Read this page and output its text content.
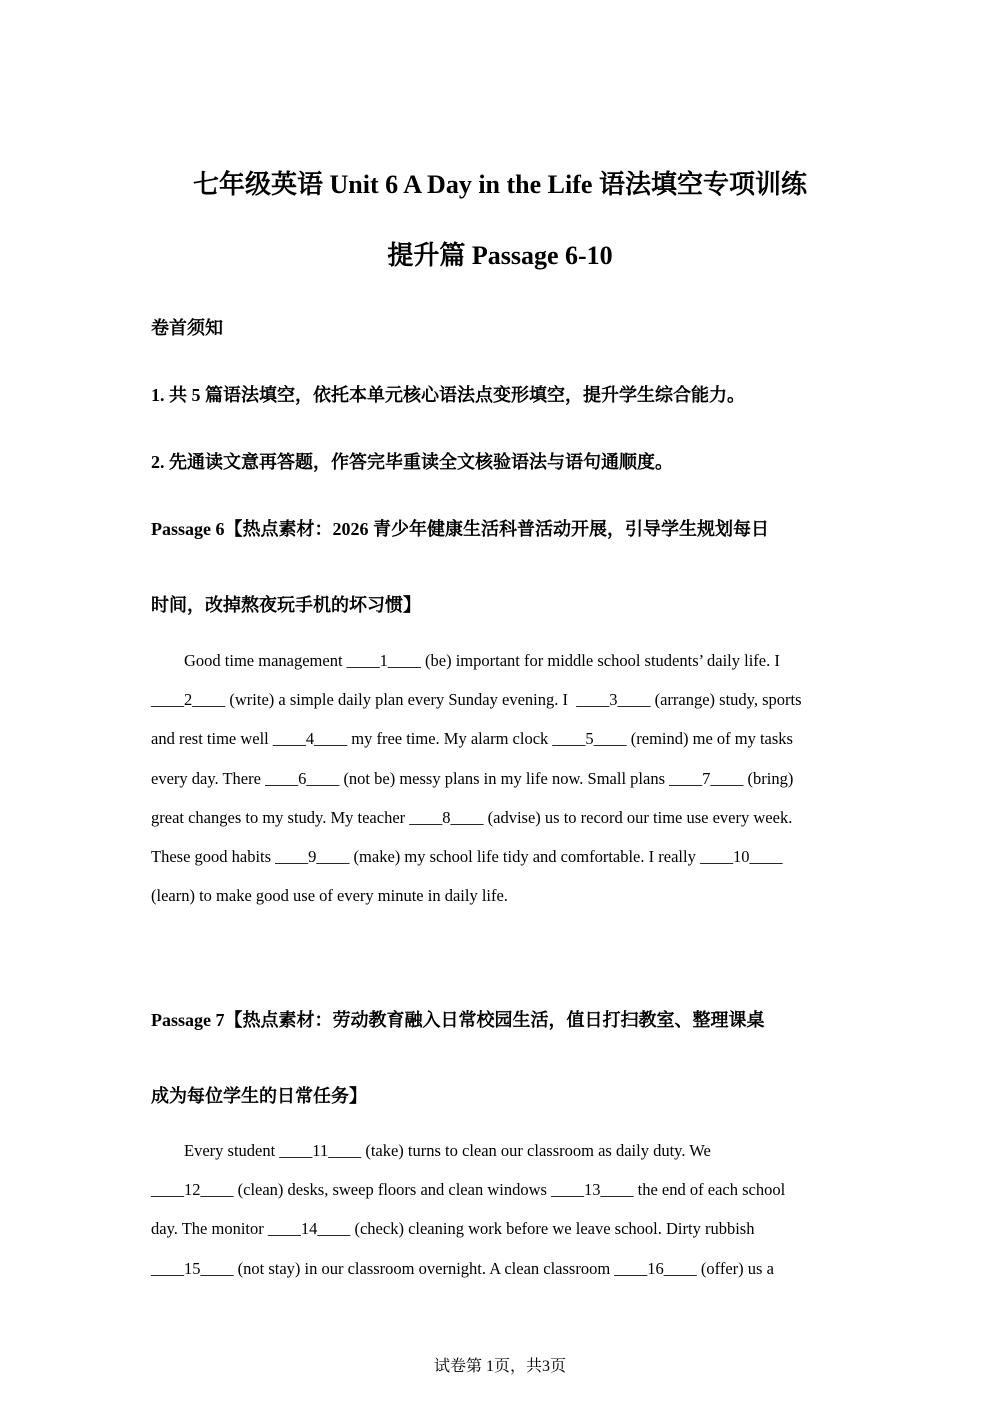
七年级英语 Unit 6 A Day in the Life 语法填空专项训练
提升篇 Passage 6-10
卷首须知
1. 共 5 篇语法填空，依托本单元核心语法点变形填空，提升学生综合能力。
2. 先通读文意再答题，作答完毕重读全文核验语法与语句通顺度。
Passage 6【热点素材：2026 青少年健康生活科普活动开展，引导学生规划每日
时间，改掉熬夜玩手机的坏习惯】
Good time management ____1____ (be) important for middle school students’ daily life. I
____2____ (write) a simple daily plan every Sunday evening. I  ____3____ (arrange) study, sports
and rest time well ____4____ my free time. My alarm clock ____5____ (remind) me of my tasks
every day. There ____6____ (not be) messy plans in my life now. Small plans ____7____ (bring)
great changes to my study. My teacher ____8____ (advise) us to record our time use every week.
These good habits ____9____ (make) my school life tidy and comfortable. I really ____10____
(learn) to make good use of every minute in daily life.
Passage 7【热点素材：劳动教育融入日常校园生活，值日打扫教室、整理课桌
成为每位学生的日常任务】
Every student ____11____ (take) turns to clean our classroom as daily duty. We
____12____ (clean) desks, sweep floors and clean windows ____13____ the end of each school
day. The monitor ____14____ (check) cleaning work before we leave school. Dirty rubbish
____15____ (not stay) in our classroom overnight. A clean classroom ____16____ (offer) us a
试卷第 1页，共3页
